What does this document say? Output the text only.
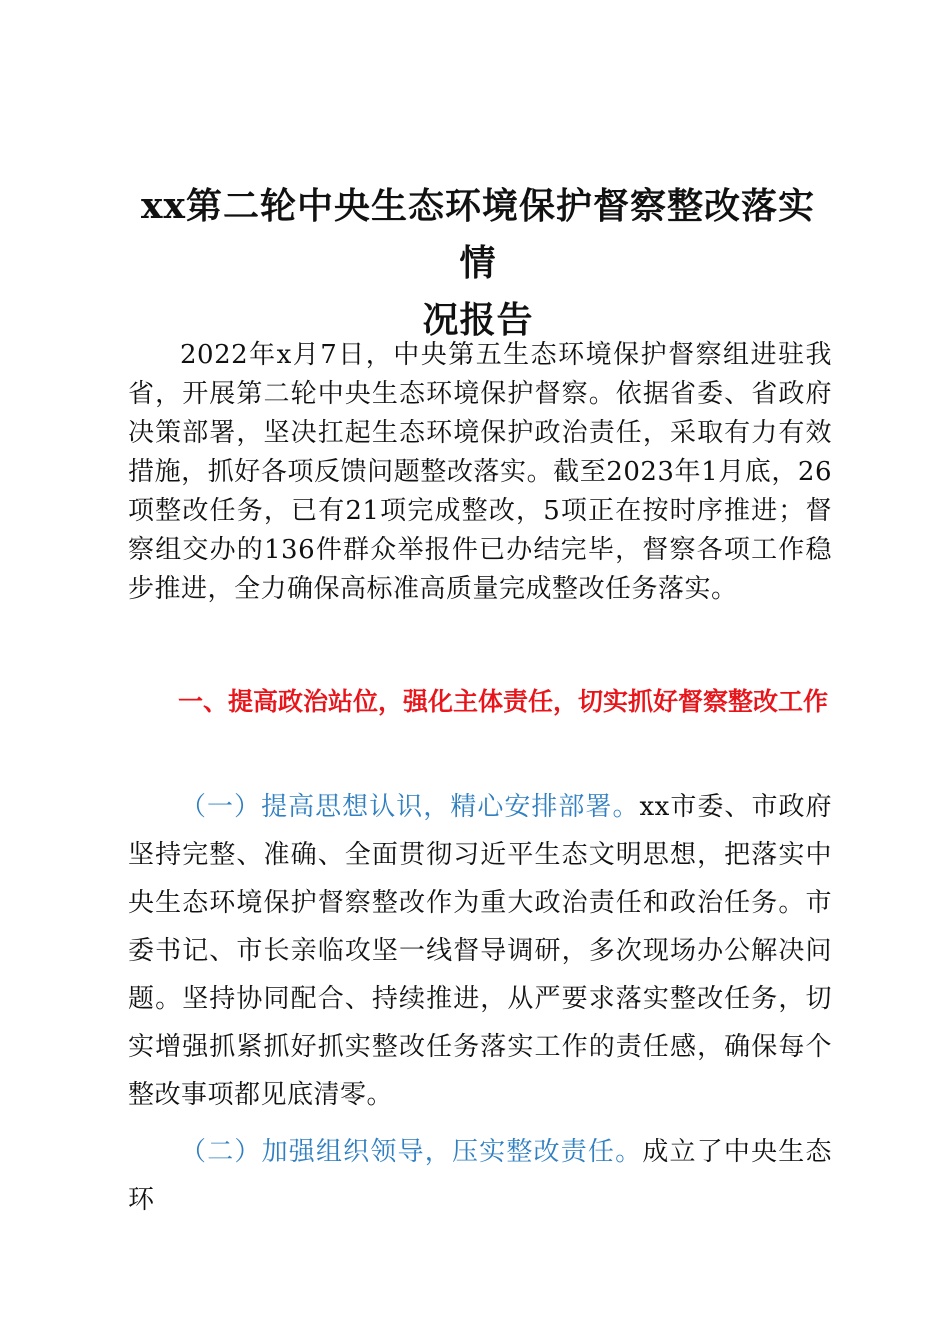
xx第二轮中央生态环境保护督察整改落实情
况报告

2022年x月7日，中央第五生态环境保护督察组进驻我省，开展第二轮中央生态环境保护督察。依据省委、省政府决策部署，坚决扛起生态环境保护政治责任，采取有力有效措施，抓好各项反馈问题整改落实。截至2023年1月底，26项整改任务，已有21项完成整改，5项正在按时序推进；督察组交办的136件群众举报件已办结完毕，督察各项工作稳步推进，全力确保高标准高质量完成整改任务落实。

一、提高政治站位，强化主体责任，切实抓好督察整改工作

（一）提高思想认识，精心安排部署。xx市委、市政府坚持完整、准确、全面贯彻习近平生态文明思想，把落实中央生态环境保护督察整改作为重大政治责任和政治任务。市委书记、市长亲临攻坚一线督导调研，多次现场办公解决问题。坚持协同配合、持续推进，从严要求落实整改任务，切实增强抓紧抓好抓实整改任务落实工作的责任感，确保每个整改事项都见底清零。

（二）加强组织领导，压实整改责任。成立了中央生态环
